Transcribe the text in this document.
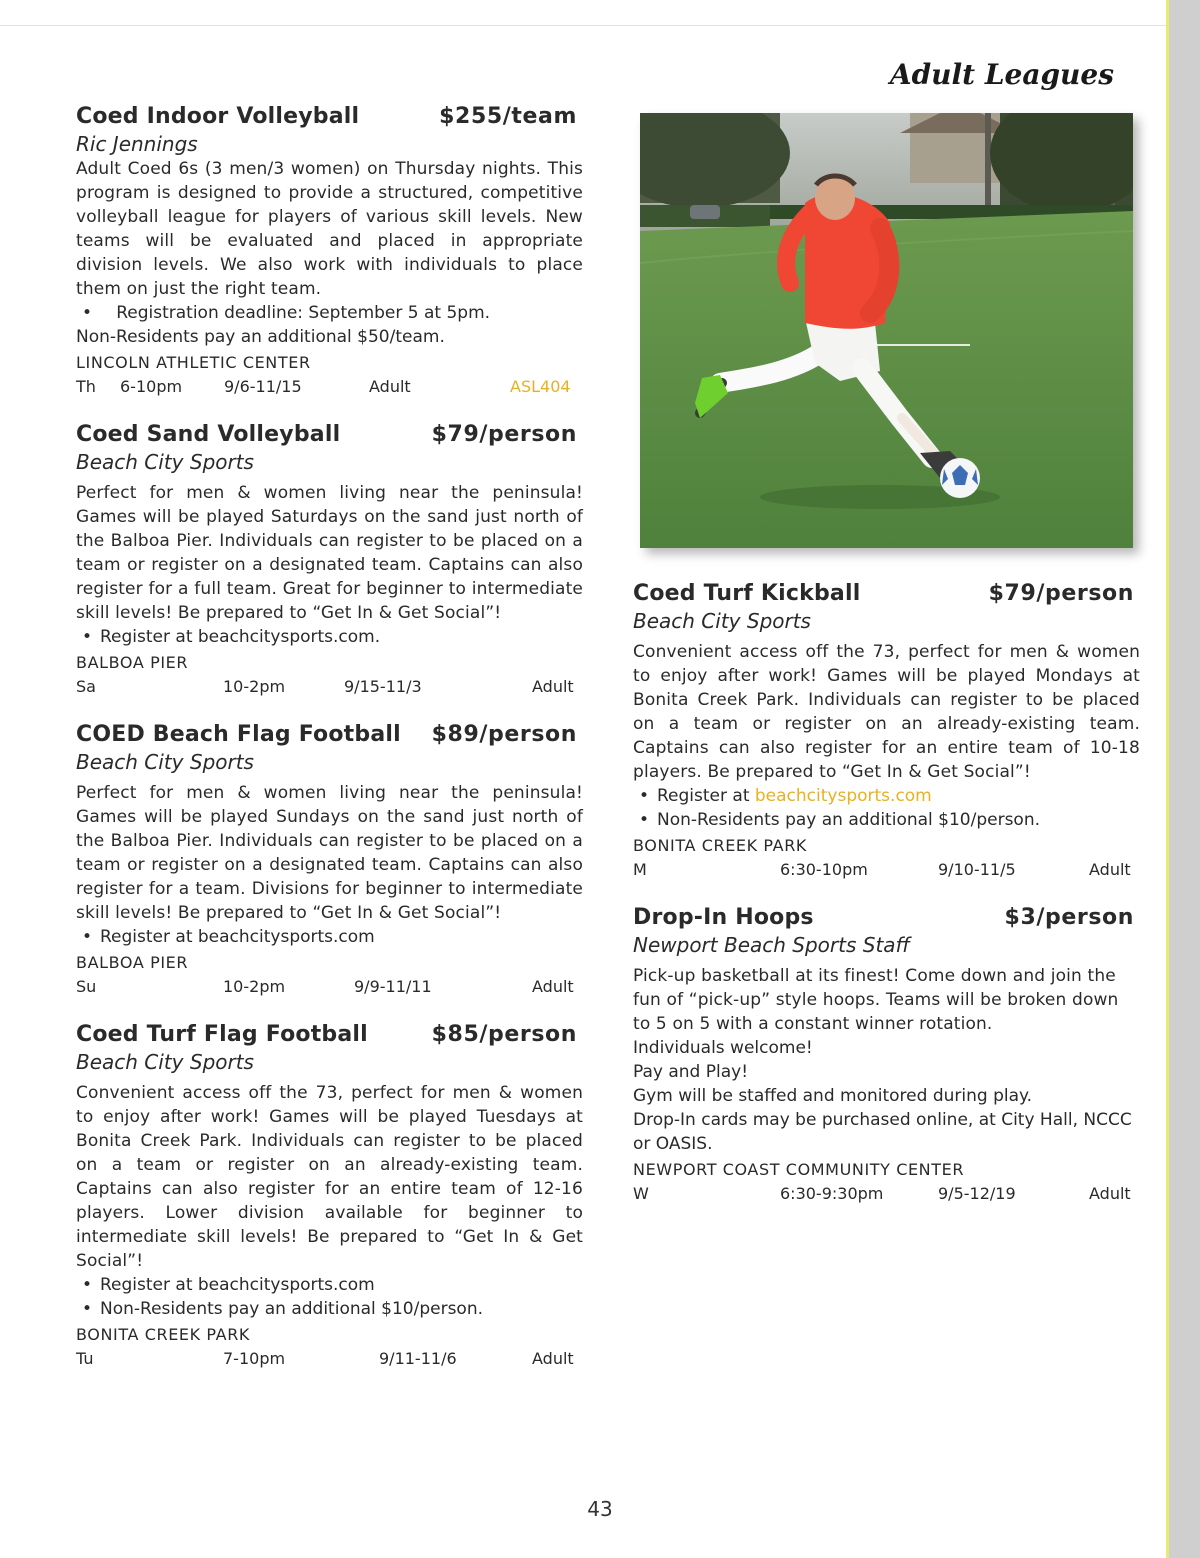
Adult Leagues
Coed Indoor Volleyball	$255/team
Ric Jennings
Adult Coed 6s (3 men/3 women) on Thursday nights. This program is designed to provide a structured, competitive volleyball league for players of various skill levels. New teams will be evaluated and placed in appropriate division levels. We also work with individuals to place them on just the right team.
• Registration deadline: September 5 at 5pm.
Non-Residents pay an additional $50/team.
LINCOLN ATHLETIC CENTER
Th 6-10pm	9/6-11/15	Adult	ASL404
Coed Sand Volleyball	$79/person
Beach City Sports
Perfect for men & women living near the peninsula! Games will be played Saturdays on the sand just north of the Balboa Pier. Individuals can register to be placed on a team or register on a designated team. Captains can also register for a full team. Great for beginner to intermediate skill levels! Be prepared to “Get In & Get Social”!
• Register at beachcitysports.com.
BALBOA PIER
Sa	10-2pm	9/15-11/3	Adult
COED Beach Flag Football $89/person
Beach City Sports
Perfect for men & women living near the peninsula! Games will be played Sundays on the sand just north of the Balboa Pier. Individuals can register to be placed on a team or register on a designated team. Captains can also register for a team. Divisions for beginner to intermediate skill levels! Be prepared to “Get In & Get Social”!
• Register at beachcitysports.com
BALBOA PIER
Su	10-2pm	9/9-11/11	Adult
Coed Turf Flag Football	$85/person
Beach City Sports
Convenient access off the 73, perfect for men & women to enjoy after work! Games will be played Tuesdays at Bonita Creek Park. Individuals can register to be placed on a team or register on an already-existing team. Captains can also register for an entire team of 12-16 players. Lower division available for beginner to intermediate skill levels! Be prepared to “Get In & Get Social”!
• Register at beachcitysports.com
• Non-Residents pay an additional $10/person.
BONITA CREEK PARK
Tu	7-10pm	9/11-11/6	Adult
Coed Turf Kickball	$79/person
Beach City Sports
Convenient access off the 73, perfect for men & women to enjoy after work! Games will be played Mondays at Bonita Creek Park. Individuals can register to be placed on a team or register on an already-existing team. Captains can also register for an entire team of 10-18 players. Be prepared to “Get In & Get Social”!
• Register at beachcitysports.com
• Non-Residents pay an additional $10/person.
BONITA CREEK PARK
M	6:30-10pm	9/10-11/5	Adult
Drop-In Hoops	$3/person
Newport Beach Sports Staff
Pick-up basketball at its finest! Come down and join the fun of “pick-up” style hoops. Teams will be broken down to 5 on 5 with a constant winner rotation.
Individuals welcome!
Pay and Play!
Gym will be staffed and monitored during play.
Drop-In cards may be purchased online, at City Hall, NCCC or OASIS.
NEWPORT COAST COMMUNITY CENTER
W	6:30-9:30pm	9/5-12/19	Adult
43
